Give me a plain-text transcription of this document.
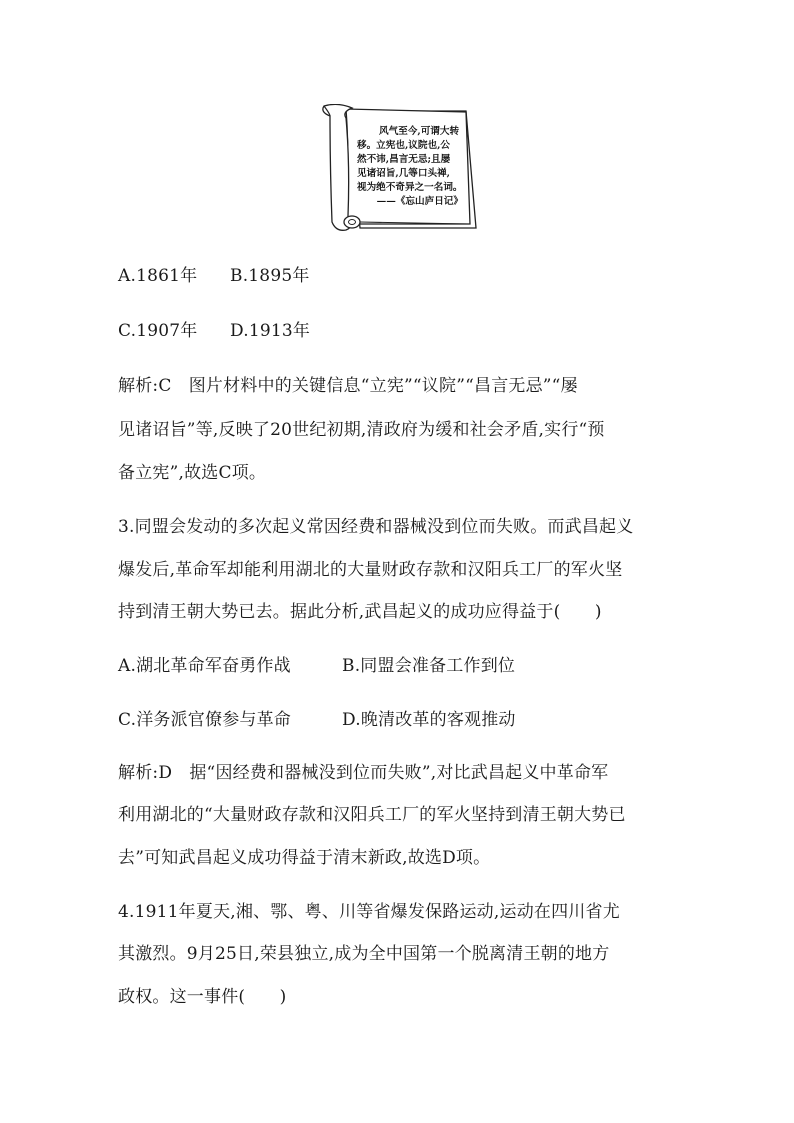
风气至今,可谓大转
移。立宪也,议院也,公
然不讳,昌言无忌;且屡
见诸诏旨,几等口头禅,
视为绝不奇异之一名词。
——《忘山庐日记》
A.1861年 B.1895年
C.1907年 D.1913年
解析:C　图片材料中的关键信息“立宪”“议院”“昌言无忌”“屡
见诸诏旨”等,反映了20世纪初期,清政府为缓和社会矛盾,实行“预
备立宪”,故选C项。
3.同盟会发动的多次起义常因经费和器械没到位而失败。而武昌起义
爆发后,革命军却能利用湖北的大量财政存款和汉阳兵工厂的军火坚
持到清王朝大势已去。据此分析,武昌起义的成功应得益于(　　)
A.湖北革命军奋勇作战	B.同盟会准备工作到位
C.洋务派官僚参与革命	D.晚清改革的客观推动
解析:D　据“因经费和器械没到位而失败”,对比武昌起义中革命军
利用湖北的“大量财政存款和汉阳兵工厂的军火坚持到清王朝大势已
去”可知武昌起义成功得益于清末新政,故选D项。
4.1911年夏天,湘、鄂、粤、川等省爆发保路运动,运动在四川省尤
其激烈。9月25日,荣县独立,成为全中国第一个脱离清王朝的地方
政权。这一事件(　　)
